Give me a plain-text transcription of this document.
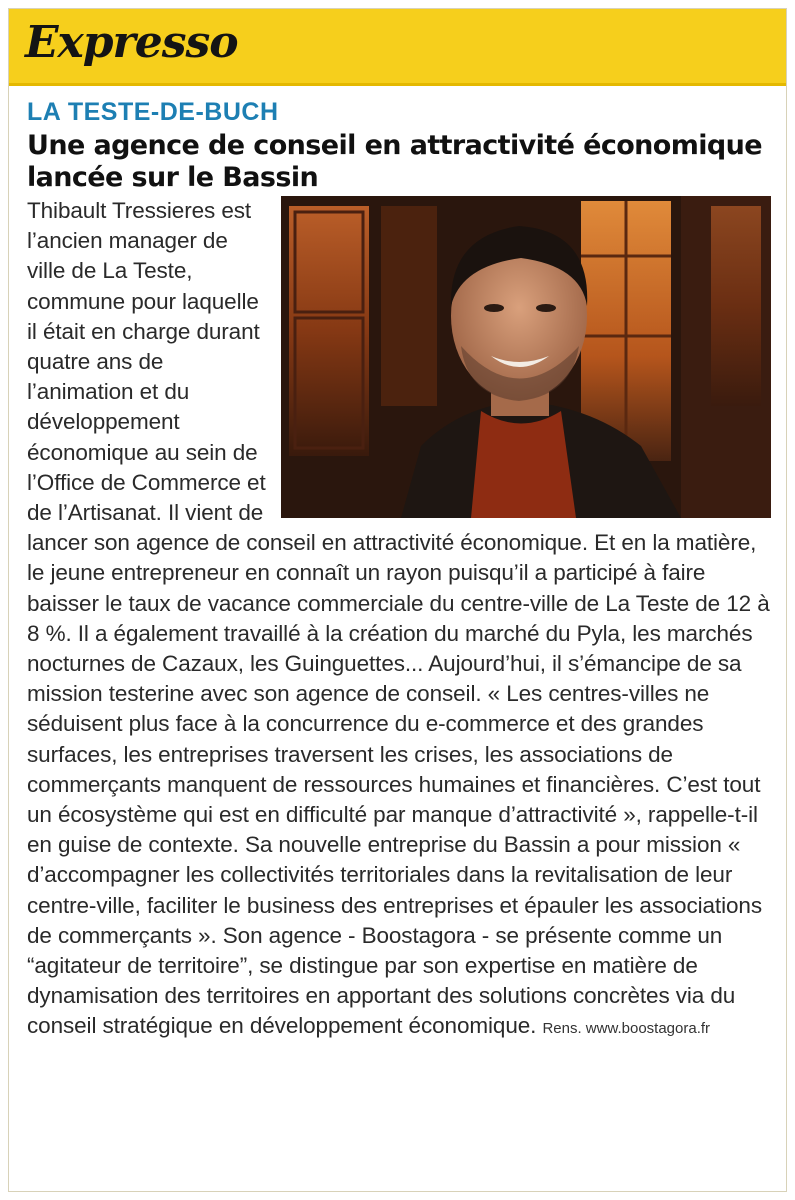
Expresso
LA TESTE-DE-BUCH
Une agence de conseil en attractivité économique lancée sur le Bassin
Thibault Tressieres est l’ancien manager de ville de La Teste, commune pour laquelle il était en charge durant quatre ans de l’animation et du développement économique au sein de l’Office de Commerce et de l’Artisanat. Il vient de lancer son agence de conseil en attractivité économique. Et en la matière, le jeune entrepreneur en connaît un rayon puisqu’il a participé à faire baisser le taux de vacance commerciale du centre-ville de La Teste de 12 à 8 %. Il a également travaillé à la création du marché du Pyla, les marchés nocturnes de Cazaux, les Guinguettes... Aujourd’hui, il s’émancipe de sa mission testerine avec son agence de conseil. « Les centres-villes ne séduisent plus face à la concurrence du e-commerce et des grandes surfaces, les entreprises traversent les crises, les associations de commerçants manquent de ressources humaines et financières. C’est tout un écosystème qui est en difficulté par manque d’attractivité », rappelle-t-il en guise de contexte. Sa nouvelle entreprise du Bassin a pour mission « d’accompagner les collectivités territoriales dans la revitalisation de leur centre-ville, faciliter le business des entreprises et épauler les associations de commerçants ». Son agence - Boostagora - se présente comme un “agitateur de territoire”, se distingue par son expertise en matière de dynamisation des territoires en apportant des solutions concrètes via du conseil stratégique en développement économique. Rens. www.boostagora.fr
